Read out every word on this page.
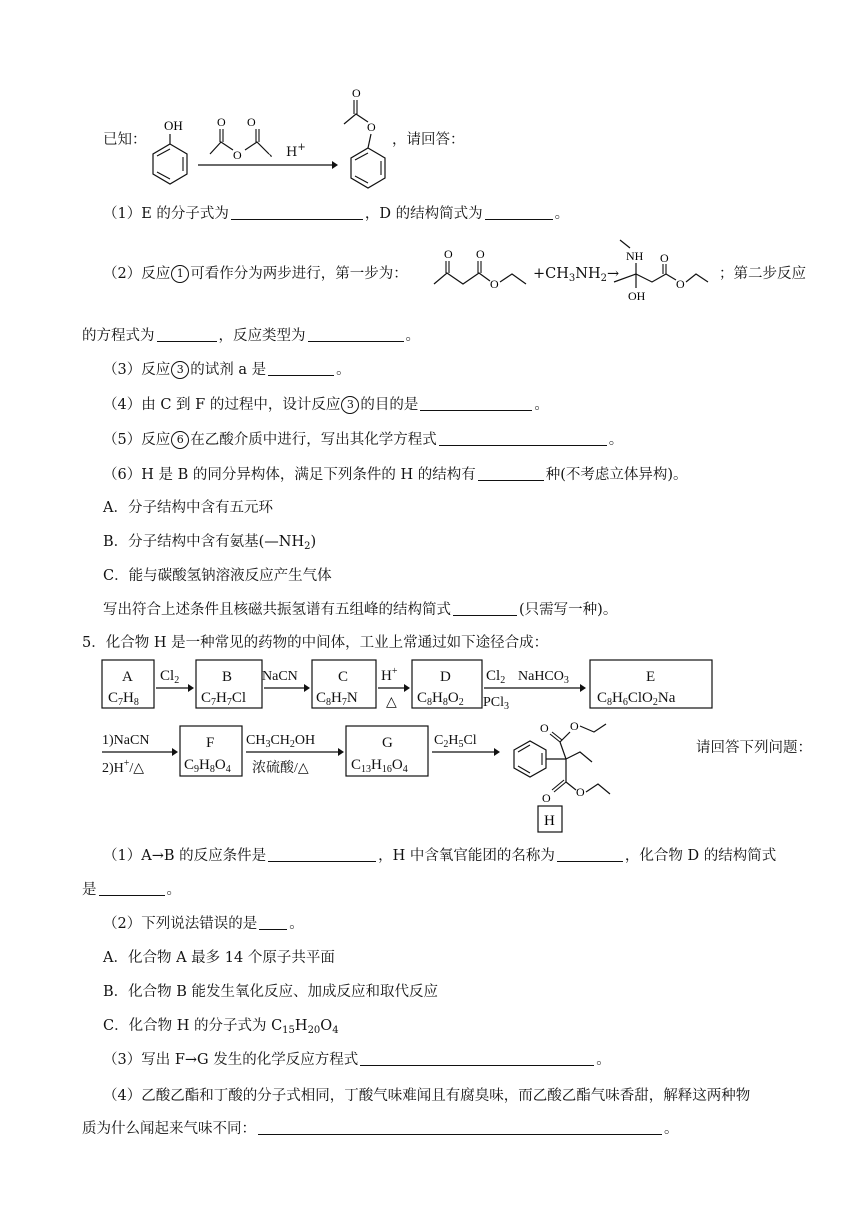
已知：
OH	O O
O 、 H+
O
O
，请回答：
（1）E 的分子式为	，D 的结构简式为	。
（2）反应 1 可看作分为两步进行，第一步为：
O O
O
$+CH_3NH_2\to$
NH
OH
O
O
；第二步反应
的方程式为	，反应类型为	。
（3）反应 3 的试剂 a 是	。
（4）由 C 到 F 的过程中，设计反应 3 的目的是	。
（5）反应 6 在乙酸介质中进行，写出其化学方程式	。
（6）H 是 B 的同分异构体，满足下列条件的 H 的结构有	种(不考虑立体异构)。
A．分子结构中含有五元环
B．分子结构中含有氨基$(—NH_2)$
C．能与碳酸氢钠溶液反应产生气体
写出符合上述条件且核磁共振氢谱有五组峰的结构简式	(只需写一种)。
5．化合物 H 是一种常见的药物的中间体，工业上常通过如下途径合成：
A
$C_7H_8$
$Cl_2$	B
$C_7H_7Cl$
NaCN	C
$C_8H_7N$
H+
△
D
$C_8H_8O_2$
$Cl_2$
PCl$_3$
NaHCO$_3$	E
$C_8H_6ClO_2Na$
1)NaCN
2)H+/△
F
$C_9H_8O_4$
$CH_3CH_2OH$
浓硫酸/△
G
$C_{13}H_{16}O_4$
$C_2H_5Cl$
O O
O O
H
请回答下列问题：
（1）A→B 的反应条件是	，H 中含氧官能团的名称为	，化合物 D 的结构简式
是	。
（2）下列说法错误的是 。
A．化合物 A 最多 14 个原子共平面
B．化合物 B 能发生氧化反应、加成反应和取代反应
C．化合物 H 的分子式为 $C_{15}H_{20}O_4$
（3）写出 F→G 发生的化学反应方程式	。
（4）乙酸乙酯和丁酸的分子式相同，丁酸气味难闻且有腐臭味，而乙酸乙酯气味香甜，解释这两种物
质为什么闻起来气味不同：	。
